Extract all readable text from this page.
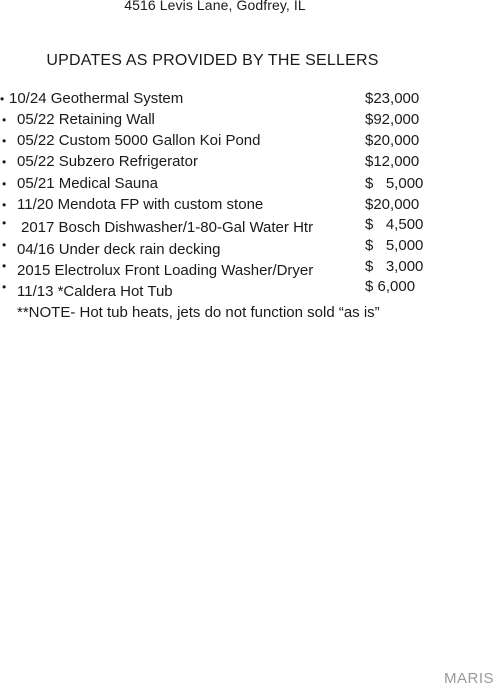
4516 Levis Lane, Godfrey, IL
UPDATES AS PROVIDED BY THE SELLERS
• 10/24 Geothermal System	$23,000
• 05/22 Retaining Wall	$92,000
• 05/22 Custom 5000 Gallon Koi Pond	$20,000
• 05/22 Subzero Refrigerator	$12,000
• 05/21 Medical Sauna	$   5,000
• 11/20 Mendota FP with custom stone	$20,000
• 2017 Bosch Dishwasher/1-80-Gal Water Htr	$   4,500
• 04/16 Under deck rain decking	$   5,000
• 2015 Electrolux Front Loading Washer/Dryer	$   3,000
• 11/13 *Caldera Hot Tub	$ 6,000
**NOTE- Hot tub heats, jets do not function sold “as is”
MARIS
